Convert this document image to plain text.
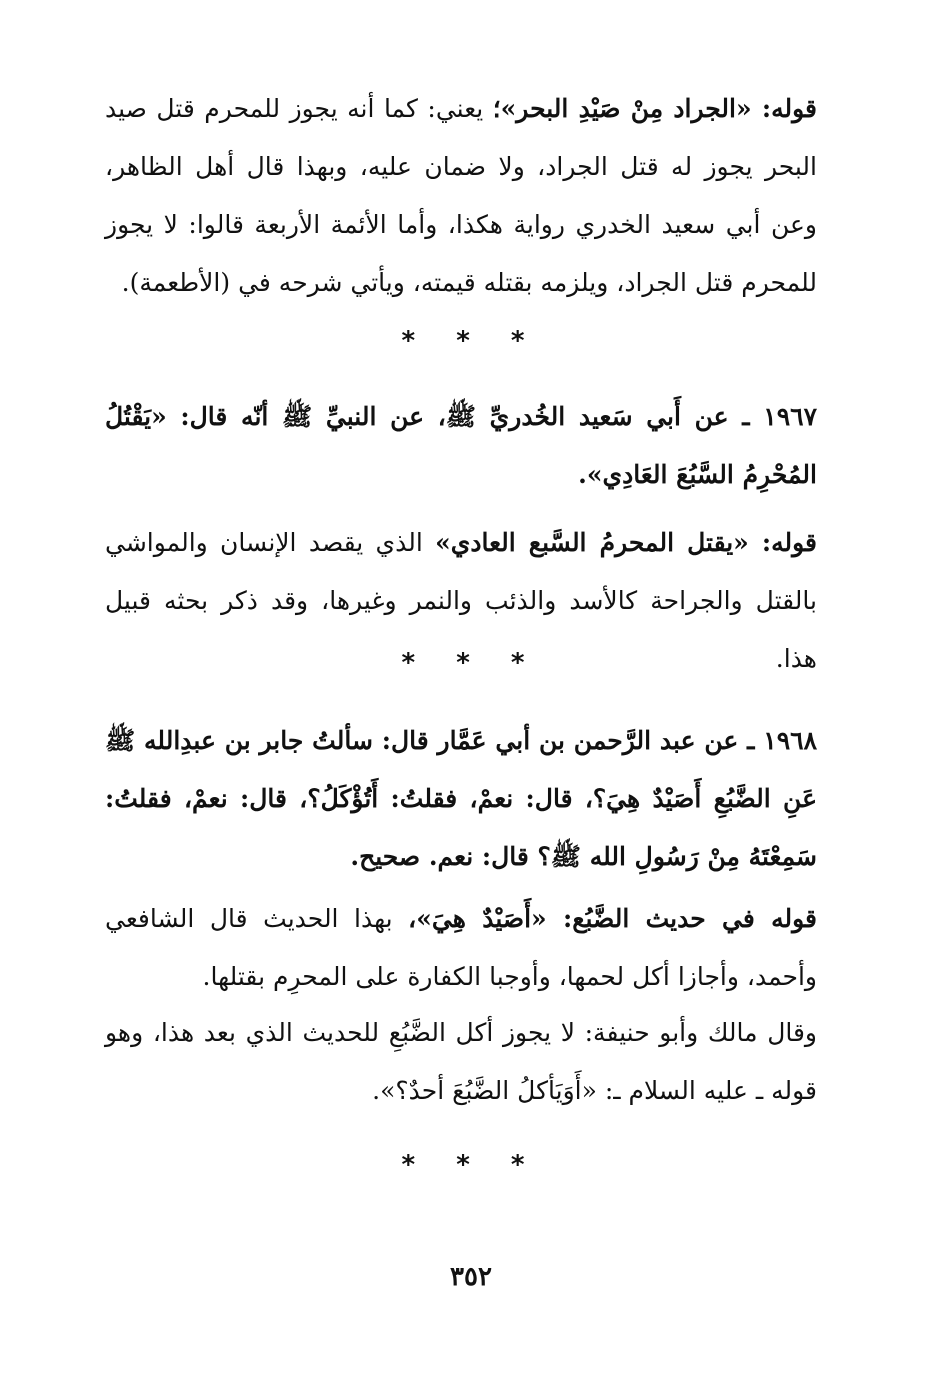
قوله: «الجراد مِنْ صَيْدِ البحر»؛ يعني: كما أنه يجوز للمحرم قتل صيد البحر يجوز له قتل الجراد، ولا ضمان عليه، وبهذا قال أهل الظاهر، وعن أبي سعيد الخدري رواية هكذا، وأما الأئمة الأربعة قالوا: لا يجوز للمحرم قتل الجراد، ويلزمه بقتله قيمته، ويأتي شرحه في (الأطعمة).

* * *

١٩٦٧ ـ عن أَبي سَعيد الخُدريِّ ﷺ، عن النبيِّ ﷺ أنّه قال: «يَقْتُلُ المُحْرِمُ السَّبُعَ العَادِي».

قوله: «يقتل المحرمُ السَّبع العادي» الذي يقصد الإنسان والمواشي بالقتل والجراحة كالأسد والذئب والنمر وغيرها، وقد ذكر بحثه قبيل هذا.

* * *

١٩٦٨ ـ عن عبد الرَّحمن بن أبي عَمَّار قال: سألتُ جابر بن عبدِالله ﷺ عَنِ الضَّبُعِ أَصَيْدٌ هِيَ؟، قال: نعمْ، فقلتُ: أَتُؤْكَلُ؟، قال: نعمْ، فقلتُ: سَمِعْتَهُ مِنْ رَسُولِ الله ﷺ؟ قال: نعم. صحيح.

قوله في حديث الضَّبُع: «أَصَيْدٌ هِيَ»، بهذا الحديث قال الشافعي وأحمد، وأجازا أكل لحمها، وأوجبا الكفارة على المحرِم بقتلها.

وقال مالك وأبو حنيفة: لا يجوز أكل الضَّبُعِ للحديث الذي بعد هذا، وهو قوله ـ عليه السلام ـ: «أَوَيَأكلُ الضَّبُعَ أحدٌ؟».

* * *
٣٥٢
